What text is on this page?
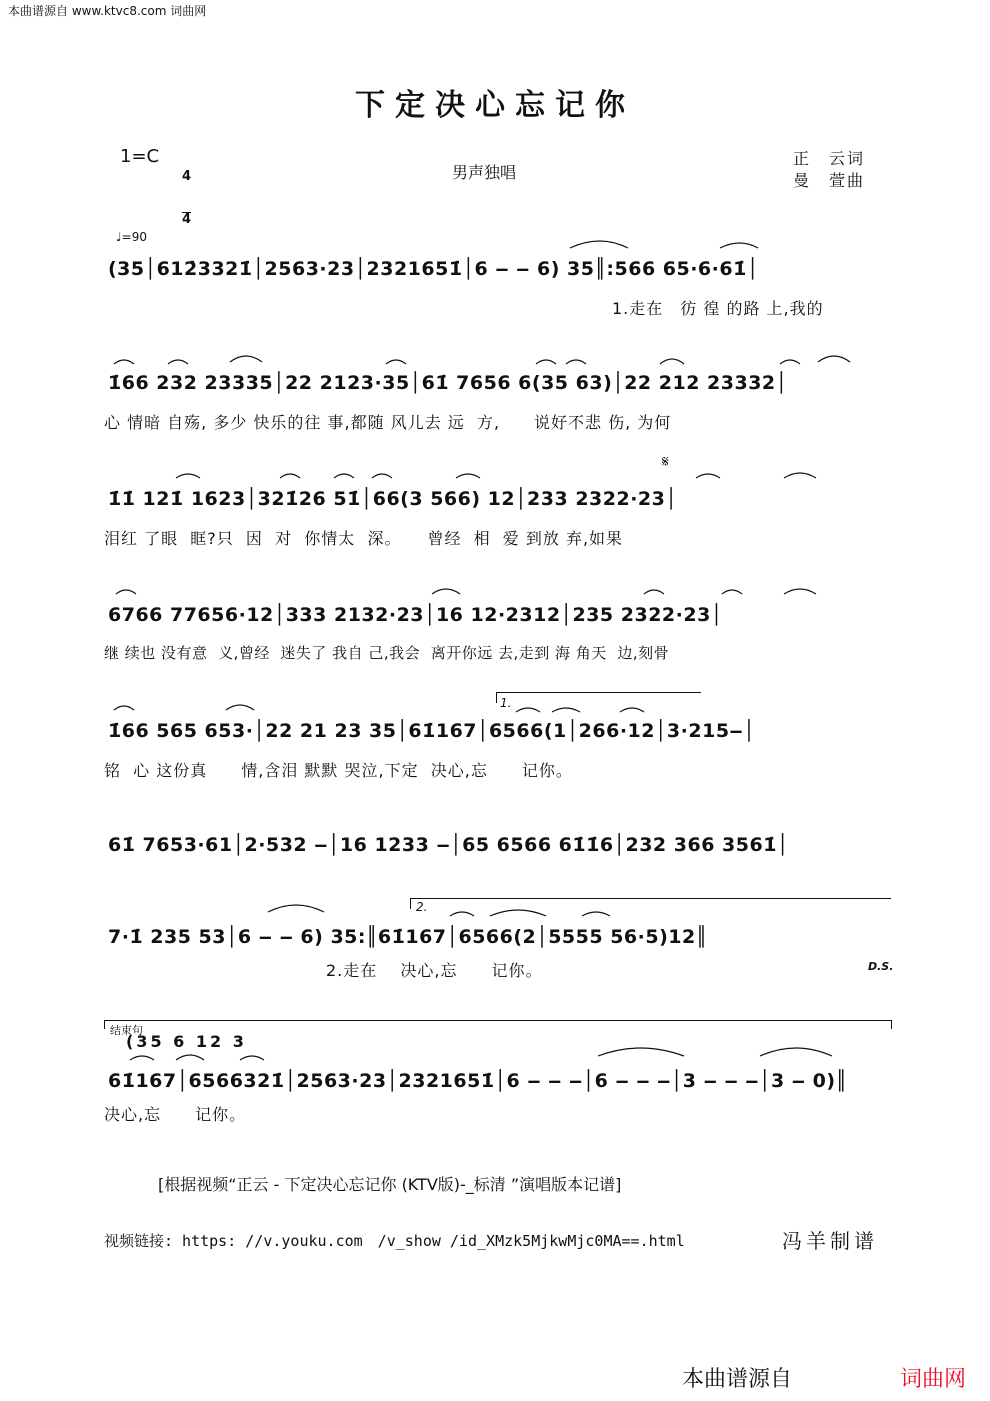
本曲谱源自 www.ktvc8.com 词曲网
下定决心忘记你
1=C

4

4

男声独唱
正　云词
曼　萱曲
♩=90
(35│612̇3321̇│2563·23│2321651̇│6 ‒ ‒ 6) 35║:566 65·6·61̇│
1.走在　彷 徨 的路 上,我的
1̇66 232 23335│22 2123·35│61̇ 7656 6(35 63)│22 212 23332│
心 情暗 自殇, 多少 快乐的往 事,都随 风儿去 远  方,　　说好不悲 伤, 为何
𝄋
1̇1̇ 121̇ 1623│321̇26 51̇│66(3 566) 12│233 2322·23│
泪红 了眼  眶?只  因  对  你情太  深。　　曾经  相  爱 到放 弃,如果
6766 77656·12│333 2132·23│16 12·2312│235 2322·23│
继 续也 没有意  义,曾经  迷失了 我自 己,我会  离开你远 去,走到 海 角天  边,刻骨
1.
1̇66 565 653·│22 21 23 35│61̇167│6566(1│266·12│3·215‒│
铭  心 这份真　　情,含泪 默默 哭泣,下定  决心,忘　　记你。
61̇ 7653·61│2·532 ‒│16 1233 ‒│65 6566 61̇1̇6│232 366 3561̇│
2.
7·1̇ 235 53│6 ‒ ‒ 6) 35:║61̇167│6566(2│5555 56·5)12║
2.走在　 决心,忘　　记你。	D.S.
结束句
(35 6 12 3
61̇167│6566321̇│2563·23│2321651̇│6 ‒ ‒ ‒│6 ‒ ‒ ‒│3 ‒ ‒ ‒│3 ‒ 0)║
决心,忘　　记你。
[根据视频“正云 - 下定决心忘记你 (KTV版)-_标清 ”演唱版本记谱]
视频链接: https: //v.youku.com　/v_show /id_XMzk5MjkwMjc0MA==.html	冯羊制谱
本曲谱源自	词曲网
